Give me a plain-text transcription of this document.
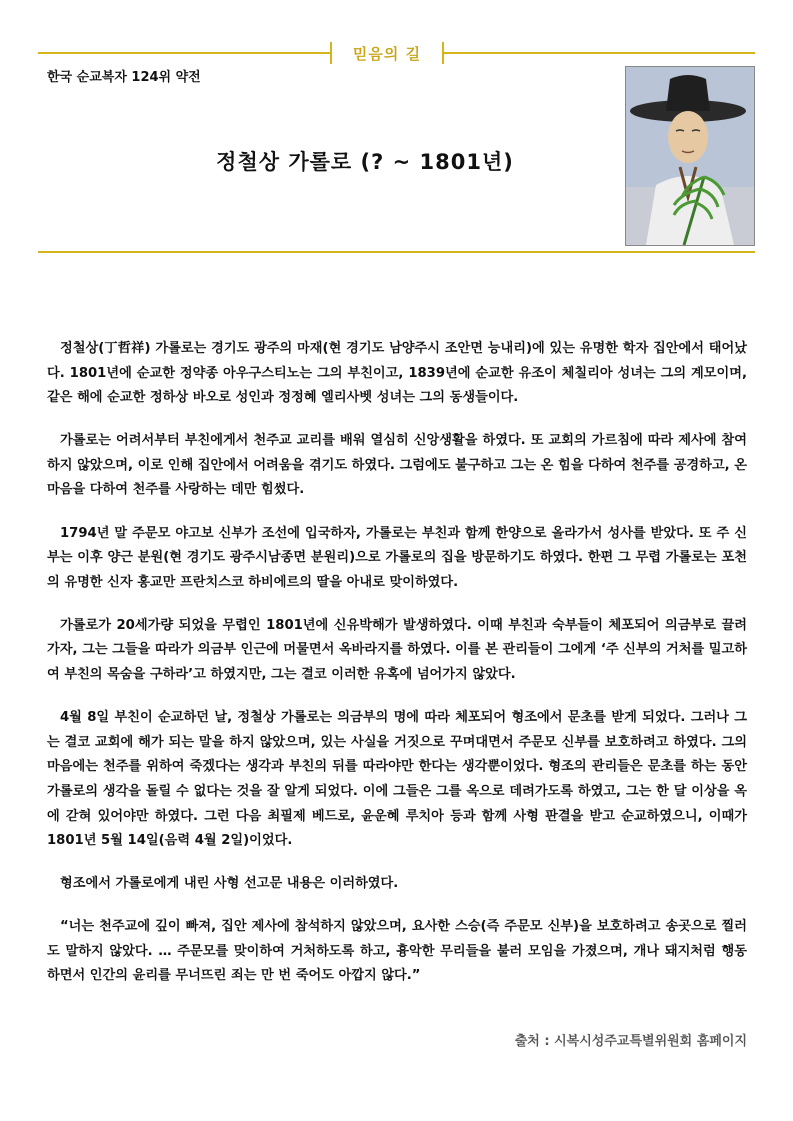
믿음의 길
한국 순교복자 124위 약전
정철상 가롤로 (? ~ 1801년)

정철상(丁哲祥) 가롤로는 경기도 광주의 마재(현 경기도 남양주시 조안면 능내리)에 있는 유명한 학자 집안에서 태어났다. 1801년에 순교한 정약종 아우구스티노는 그의 부친이고, 1839년에 순교한 유조이 체칠리아 성녀는 그의 계모이며, 같은 해에 순교한 정하상 바오로 성인과 정정혜 엘리사벳 성녀는 그의 동생들이다.

가롤로는 어려서부터 부친에게서 천주교 교리를 배워 열심히 신앙생활을 하였다. 또 교회의 가르침에 따라 제사에 참여하지 않았으며, 이로 인해 집안에서 어려움을 겪기도 하였다. 그럼에도 불구하고 그는 온 힘을 다하여 천주를 공경하고, 온 마음을 다하여 천주를 사랑하는 데만 힘썼다.

1794년 말 주문모 야고보 신부가 조선에 입국하자, 가롤로는 부친과 함께 한양으로 올라가서 성사를 받았다. 또 주 신부는 이후 양근 분원(현 경기도 광주시남종면 분원리)으로 가롤로의 집을 방문하기도 하였다. 한편 그 무렵 가롤로는 포천의 유명한 신자 홍교만 프란치스코 하비에르의 딸을 아내로 맞이하였다.

가롤로가 20세가량 되었을 무렵인 1801년에 신유박해가 발생하였다. 이때 부친과 숙부들이 체포되어 의금부로 끌려가자, 그는 그들을 따라가 의금부 인근에 머물면서 옥바라지를 하였다. 이를 본 관리들이 그에게 ‘주 신부의 거처를 밀고하여 부친의 목숨을 구하라’고 하였지만, 그는 결코 이러한 유혹에 넘어가지 않았다.

4월 8일 부친이 순교하던 날, 정철상 가롤로는 의금부의 명에 따라 체포되어 형조에서 문초를 받게 되었다. 그러나 그는 결코 교회에 해가 되는 말을 하지 않았으며, 있는 사실을 거짓으로 꾸며대면서 주문모 신부를 보호하려고 하였다. 그의 마음에는 천주를 위하여 죽겠다는 생각과 부친의 뒤를 따라야만 한다는 생각뿐이었다. 형조의 관리들은 문초를 하는 동안 가롤로의 생각을 돌릴 수 없다는 것을 잘 알게 되었다. 이에 그들은 그를 옥으로 데려가도록 하였고, 그는 한 달 이상을 옥에 갇혀 있어야만 하였다. 그런 다음 최필제 베드로, 윤운혜 루치아 등과 함께 사형 판결을 받고 순교하였으니, 이때가 1801년 5월 14일(음력 4월 2일)이었다.

형조에서 가롤로에게 내린 사형 선고문 내용은 이러하였다.

“너는 천주교에 깊이 빠져, 집안 제사에 참석하지 않았으며, 요사한 스승(즉 주문모 신부)을 보호하려고 송곳으로 찔러도 말하지 않았다. … 주문모를 맞이하여 거처하도록 하고, 흉악한 무리들을 불러 모임을 가졌으며, 개나 돼지처럼 행동 하면서 인간의 윤리를 무너뜨린 죄는 만 번 죽어도 아깝지 않다.”

출처 : 시복시성주교특별위원회 홈페이지
